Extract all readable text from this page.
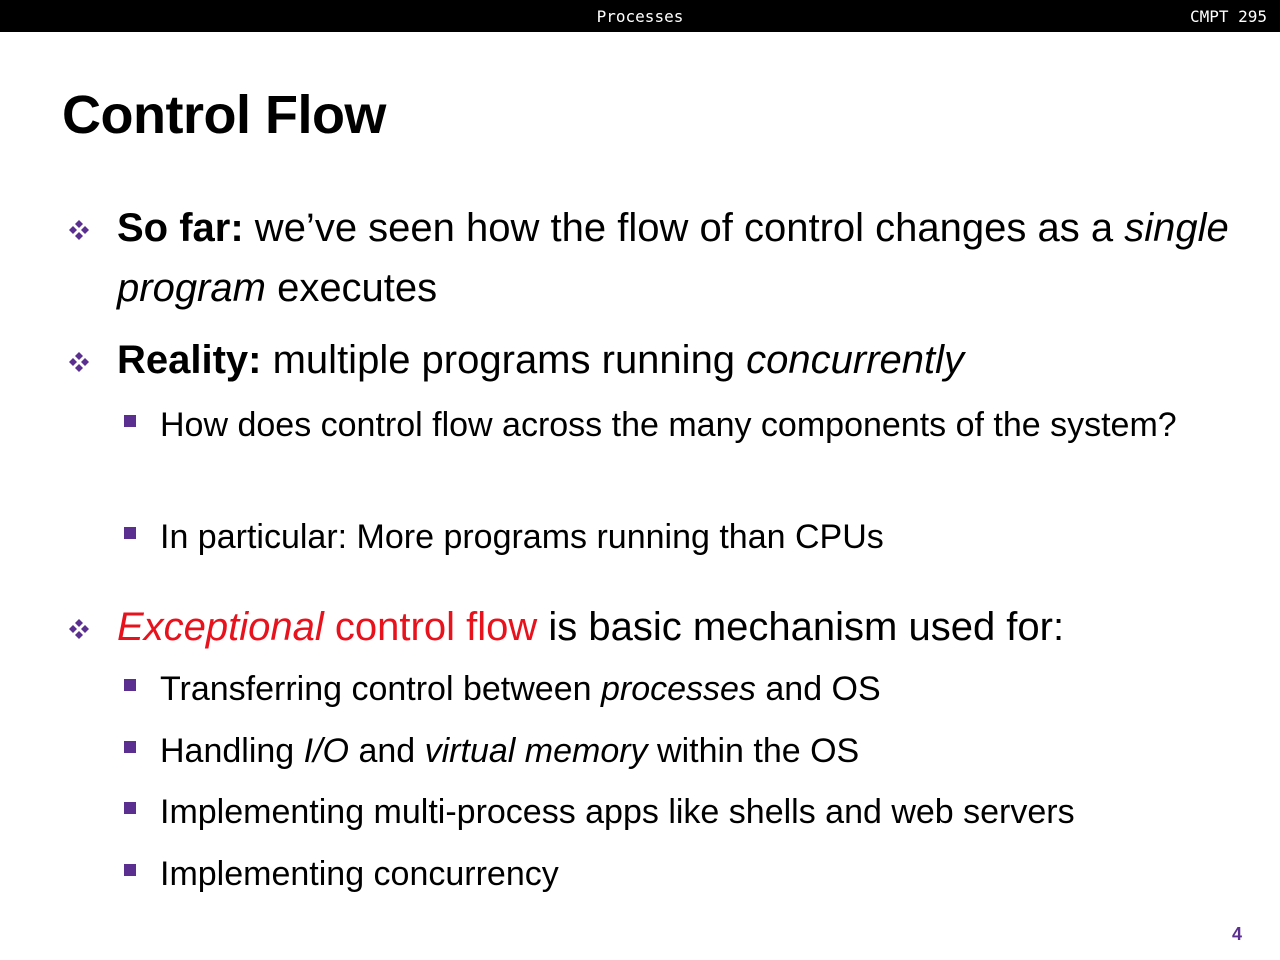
Processes	CMPT 295
Control Flow
So far: we’ve seen how the flow of control changes as a single program executes
Reality: multiple programs running concurrently
How does control flow across the many components of the system?
In particular: More programs running than CPUs
Exceptional control flow is basic mechanism used for:
Transferring control between processes and OS
Handling I/O and virtual memory within the OS
Implementing multi-process apps like shells and web servers
Implementing concurrency
4
